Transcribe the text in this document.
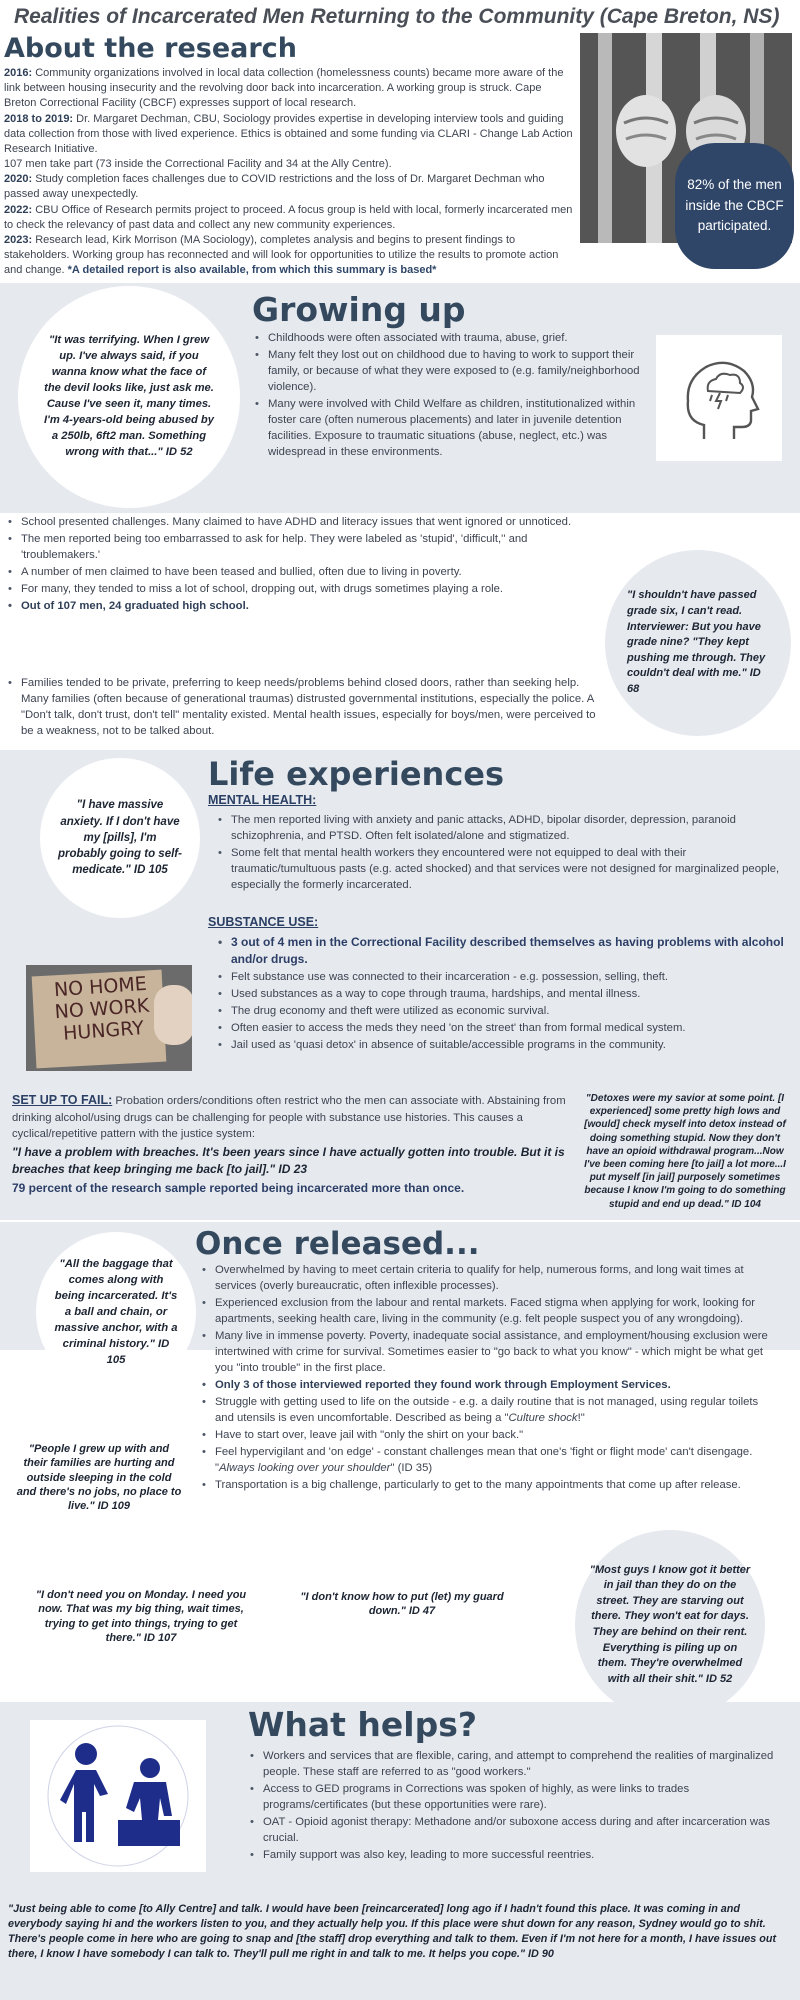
Realities of Incarcerated Men Returning to the Community (Cape Breton, NS)
About the research
2016: Community organizations involved in local data collection (homelessness counts) became more aware of the link between housing insecurity and the revolving door back into incarceration. A working group is struck. Cape Breton Correctional Facility (CBCF) expresses support of local research.
2018 to 2019: Dr. Margaret Dechman, CBU, Sociology provides expertise in developing interview tools and guiding data collection from those with lived experience. Ethics is obtained and some funding via CLARI - Change Lab Action Research Initiative.
107 men take part (73 inside the Correctional Facility and 34 at the Ally Centre).
2020: Study completion faces challenges due to COVID restrictions and the loss of Dr. Margaret Dechman who passed away unexpectedly.
2022: CBU Office of Research permits project to proceed. A focus group is held with local, formerly incarcerated men to check the relevancy of past data and collect any new community experiences.
2023: Research lead, Kirk Morrison (MA Sociology), completes analysis and begins to present findings to stakeholders. Working group has reconnected and will look for opportunities to utilize the results to promote action and change. *A detailed report is also available, from which this summary is based*
82% of the men inside the CBCF participated.
"It was terrifying. When I grew up. I've always said, if you wanna know what the face of the devil looks like, just ask me. Cause I've seen it, many times. I'm 4-years-old being abused by a 250lb, 6ft2 man. Something wrong with that..." ID 52
Growing up
• Childhoods were often associated with trauma, abuse, grief.
• Many felt they lost out on childhood due to having to work to support their family, or because of what they were exposed to (e.g. family/neighborhood violence).
• Many were involved with Child Welfare as children, institutionalized within foster care (often numerous placements) and later in juvenile detention facilities. Exposure to traumatic situations (abuse, neglect, etc.) was widespread in these environments.
• School presented challenges. Many claimed to have ADHD and literacy issues that went ignored or unnoticed.
• The men reported being too embarrassed to ask for help. They were labeled as 'stupid', 'difficult,'' and 'troublemakers.'
• A number of men claimed to have been teased and bullied, often due to living in poverty.
• For many, they tended to miss a lot of school, dropping out, with drugs sometimes playing a role.
• Out of 107 men, 24 graduated high school.
• Families tended to be private, preferring to keep needs/problems behind closed doors, rather than seeking help. Many families (often because of generational traumas) distrusted governmental institutions, especially the police. A "Don't talk, don't trust, don't tell" mentality existed. Mental health issues, especially for boys/men, were perceived to be a weakness, not to be talked about.
"I shouldn't have passed grade six, I can't read. Interviewer: But you have grade nine? "They kept pushing me through. They couldn't deal with me." ID 68
"I have massive anxiety. If I don't have my [pills], I'm probably going to self-medicate." ID 105
Life experiences
MENTAL HEALTH:
• The men reported living with anxiety and panic attacks, ADHD, bipolar disorder, depression, paranoid schizophrenia, and PTSD. Often felt isolated/alone and stigmatized.
• Some felt that mental health workers they encountered were not equipped to deal with their traumatic/tumultuous pasts (e.g. acted shocked) and that services were not designed for marginalized people, especially the formerly incarcerated.
SUBSTANCE USE:
• 3 out of 4 men in the Correctional Facility described themselves as having problems with alcohol and/or drugs.
• Felt substance use was connected to their incarceration - e.g. possession, selling, theft.
• Used substances as a way to cope through trauma, hardships, and mental illness.
• The drug economy and theft were utilized as economic survival.
• Often easier to access the meds they need 'on the street' than from formal medical system.
• Jail used as 'quasi detox' in absence of suitable/accessible programs in the community.
NO HOME
NO WORK
HUNGRY
SET UP TO FAIL: Probation orders/conditions often restrict who the men can associate with. Abstaining from drinking alcohol/using drugs can be challenging for people with substance use histories. This causes a cyclical/repetitive pattern with the justice system:
"I have a problem with breaches. It's been years since I have actually gotten into trouble. But it is breaches that keep bringing me back [to jail]." ID 23
79 percent of the research sample reported being incarcerated more than once.
"Detoxes were my savior at some point. [I experienced] some pretty high lows and [would] check myself into detox instead of doing something stupid. Now they don't have an opioid withdrawal program...Now I've been coming here [to jail] a lot more...I put myself [in jail] purposely sometimes because I know I'm going to do something stupid and end up dead." ID 104
"All the baggage that comes along with being incarcerated. It's a ball and chain, or massive anchor, with a criminal history." ID 105
Once released...
• Overwhelmed by having to meet certain criteria to qualify for help, numerous forms, and long wait times at services (overly bureaucratic, often inflexible processes).
• Experienced exclusion from the labour and rental markets. Faced stigma when applying for work, looking for apartments, seeking health care, living in the community (e.g. felt people suspect you of any wrongdoing).
• Many live in immense poverty. Poverty, inadequate social assistance, and employment/housing exclusion were intertwined with crime for survival. Sometimes easier to "go back to what you know" - which might be what get you "into trouble" in the first place.
• Only 3 of those interviewed reported they found work through Employment Services.
• Struggle with getting used to life on the outside - e.g. a daily routine that is not managed, using regular toilets and utensils is even uncomfortable. Described as being a "Culture shock!"
• Have to start over, leave jail with "only the shirt on your back."
• Feel hypervigilant and 'on edge' - constant challenges mean that one's 'fight or flight mode' can't disengage. "Always looking over your shoulder" (ID 35)
• Transportation is a big challenge, particularly to get to the many appointments that come up after release.
"People I grew up with and their families are hurting and outside sleeping in the cold and there's no jobs, no place to live." ID 109
"I don't need you on Monday. I need you now. That was my big thing, wait times, trying to get into things, trying to get there." ID 107
"I don't know how to put (let) my guard down." ID 47
"Most guys I know got it better in jail than they do on the street. They are starving out there. They won't eat for days. They are behind on their rent. Everything is piling up on them. They're overwhelmed with all their shit." ID 52
What helps?
• Workers and services that are flexible, caring, and attempt to comprehend the realities of marginalized people. These staff are referred to as "good workers."
• Access to GED programs in Corrections was spoken of highly, as were links to trades programs/certificates (but these opportunities were rare).
• OAT - Opioid agonist therapy: Methadone and/or suboxone access during and after incarceration was crucial.
• Family support was also key, leading to more successful reentries.
"Just being able to come [to Ally Centre] and talk. I would have been [reincarcerated] long ago if I hadn't found this place. It was coming in and everybody saying hi and the workers listen to you, and they actually help you. If this place were shut down for any reason, Sydney would go to shit. There's people come in here who are going to snap and [the staff] drop everything and talk to them. Even if I'm not here for a month, I have issues out there, I know I have somebody I can talk to. They'll pull me right in and talk to me. It helps you cope." ID 90
